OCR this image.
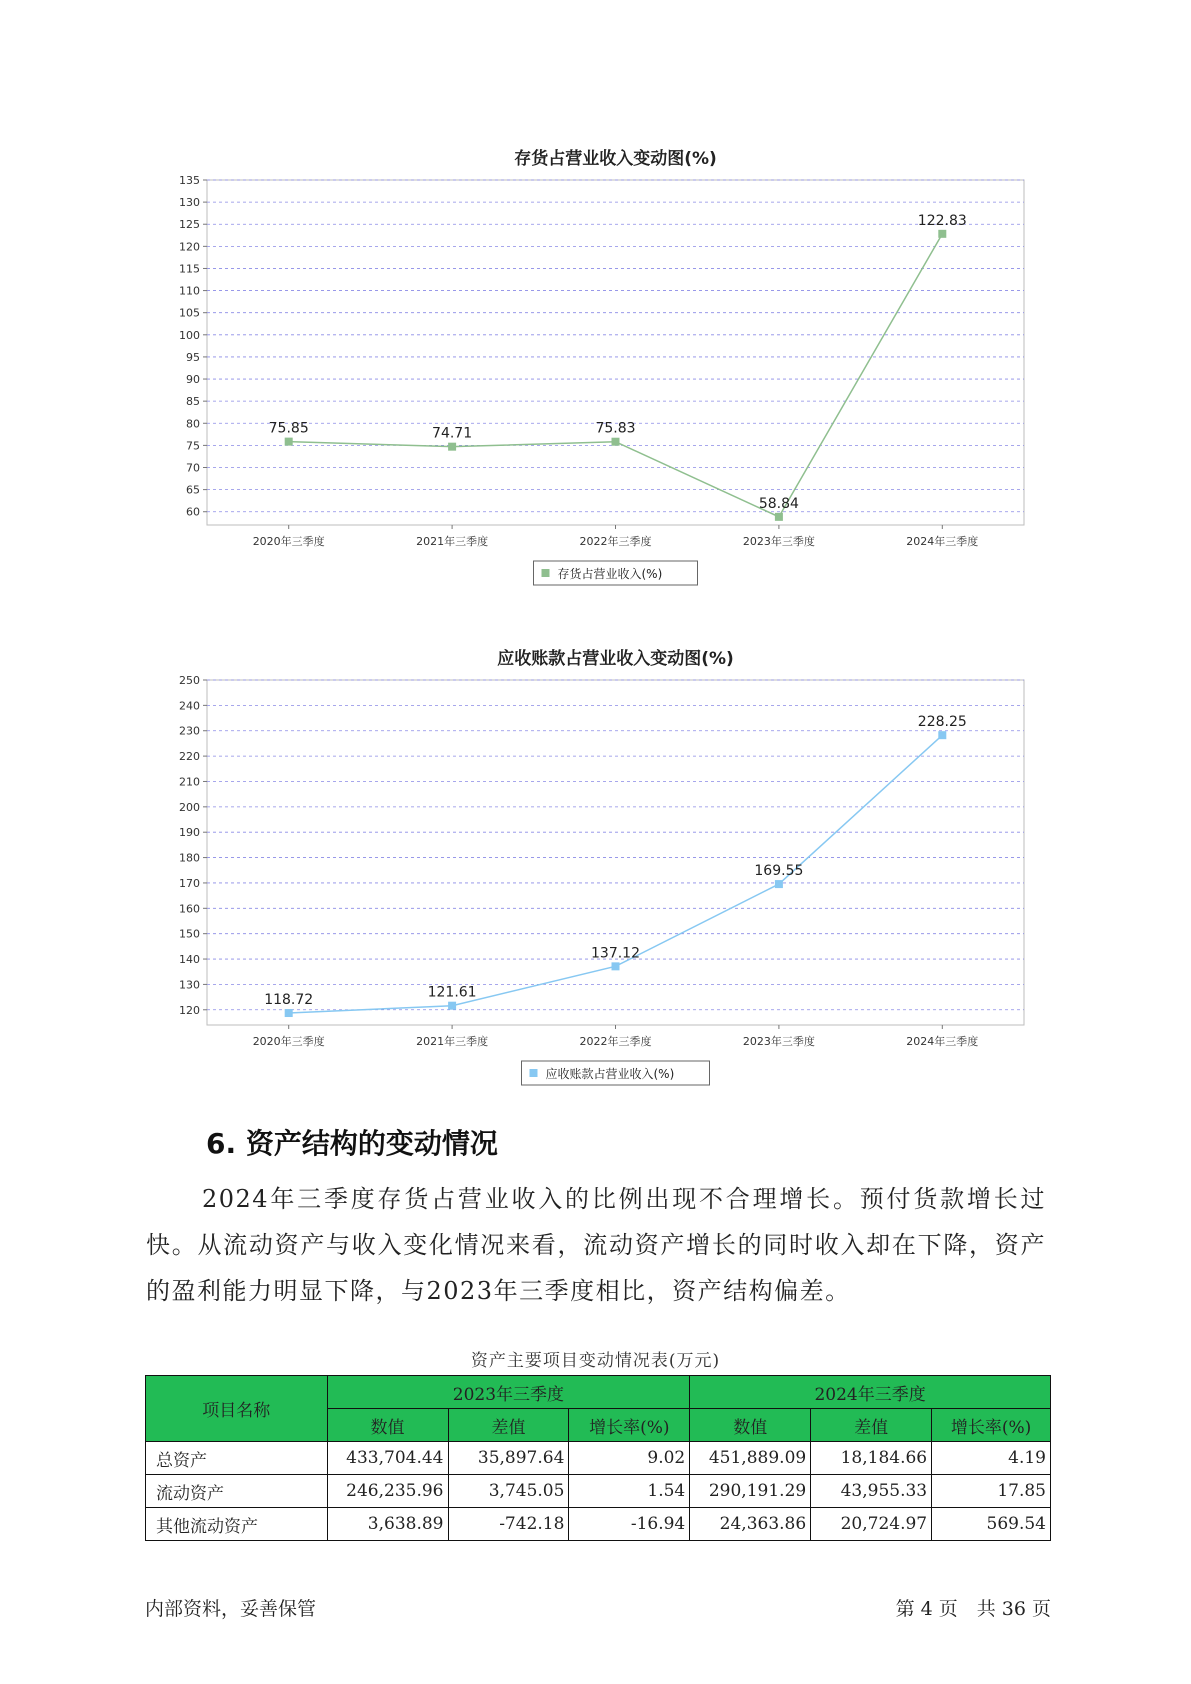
存货占营业收入变动图(%)
60
65
70
75
80
85
90
95
100
105
110
115
120
125
130
135
2020年三季度	2021年三季度	2022年三季度	2023年三季度	2024年三季度
75.85	74.71	75.83
58.84
122.83
存货占营业收入(%)
应收账款占营业收入变动图(%)
120
130
140
150
160
170
180
190
200
210
220
230
240
250
2020年三季度	2021年三季度	2022年三季度	2023年三季度	2024年三季度
118.72	121.61
137.12
169.55
228.25
应收账款占营业收入(%)
6. 资产结构的变动情况

2024年三季度存货占营业收入的比例出现不合理增长。预付货款增长过快。从流动资产与收入变化情况来看，流动资产增长的同时收入却在下降，资产的盈利能力明显下降，与2023年三季度相比，资产结构偏差。

资产主要项目变动情况表(万元)
项目名称	2023年三季度			2024年三季度		
	数值	差值	增长率(%)	数值	差值	增长率(%)
总资产	433,704.44	35,897.64	9.02	451,889.09	18,184.66	4.19
流动资产	246,235.96	3,745.05	1.54	290,191.29	43,955.33	17.85
其他流动资产	3,638.89	-742.18	-16.94	24,363.86	20,724.97	569.54
内部资料，妥善保管	第 4 页　共 36 页
